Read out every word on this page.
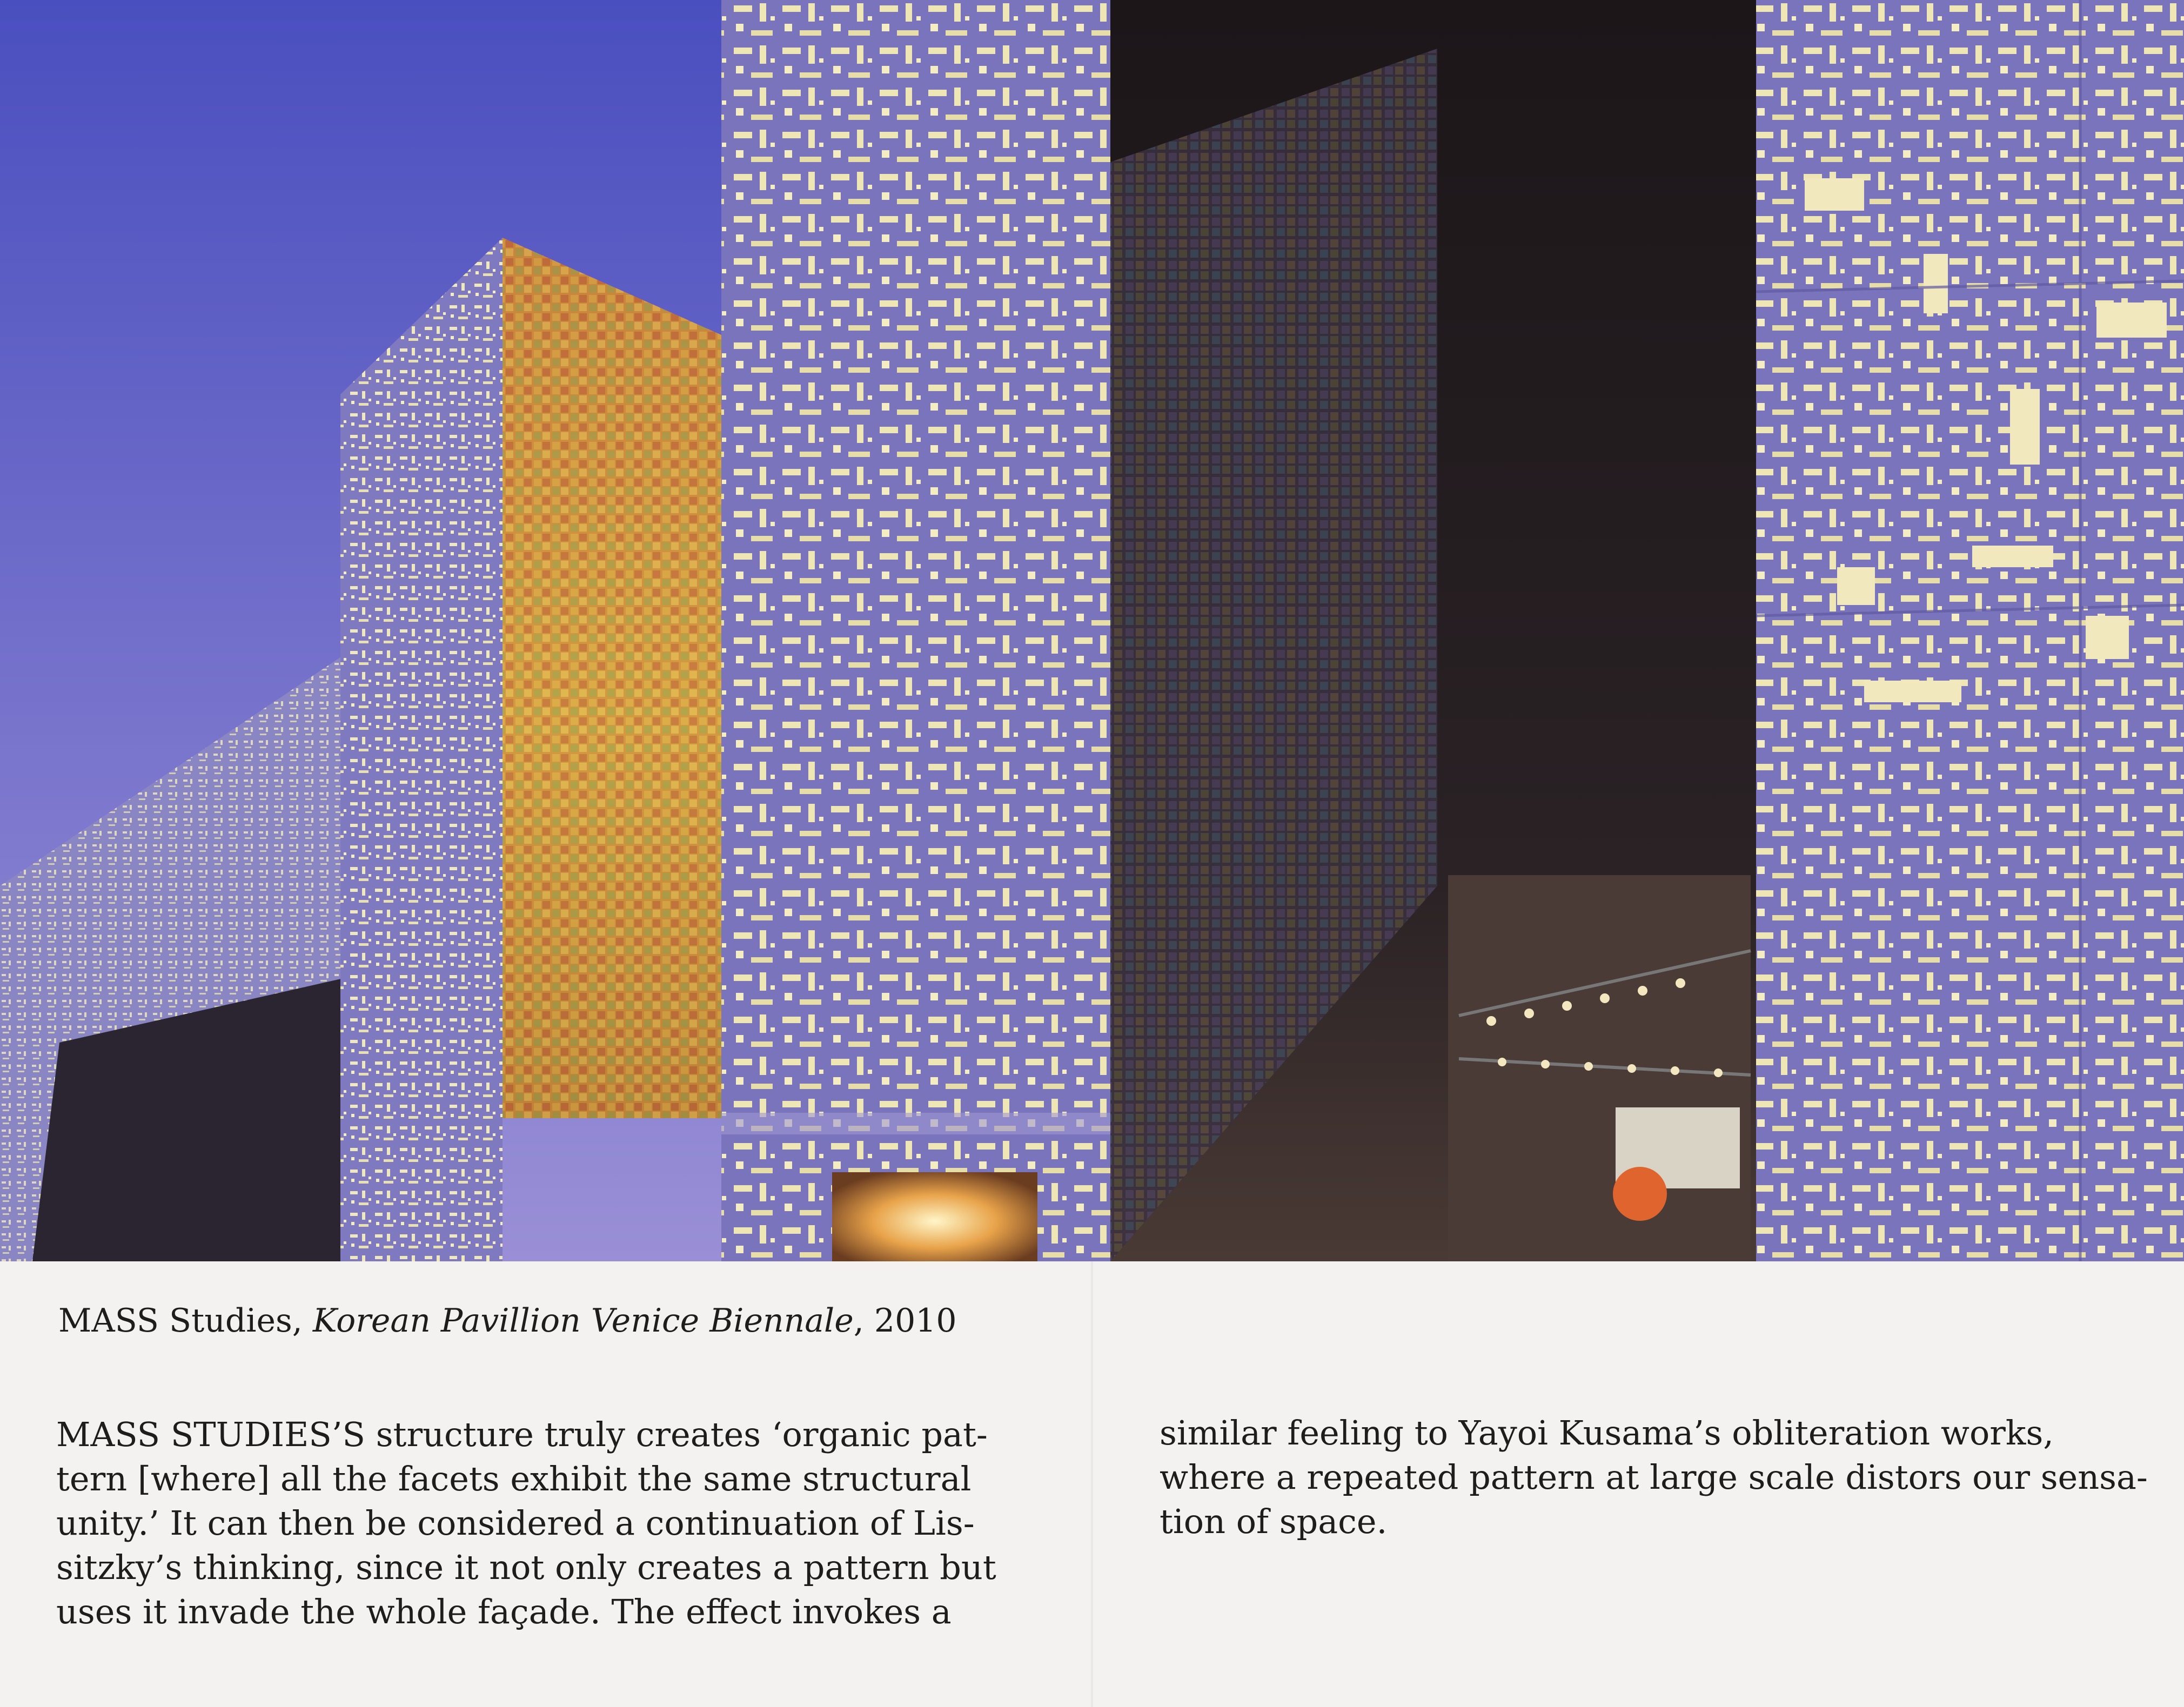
MASS Studies, Korean Pavillion Venice Biennale, 2010
MASS STUDIES’S structure truly creates ‘organic pat-
tern [where] all the facets exhibit the same structural
unity.’ It can then be considered a continuation of Lis-
sitzky’s thinking, since it not only creates a pattern but
uses it invade the whole façade. The effect invokes a
similar feeling to Yayoi Kusama’s obliteration works,
where a repeated pattern at large scale distors our sensa-
tion of space.
